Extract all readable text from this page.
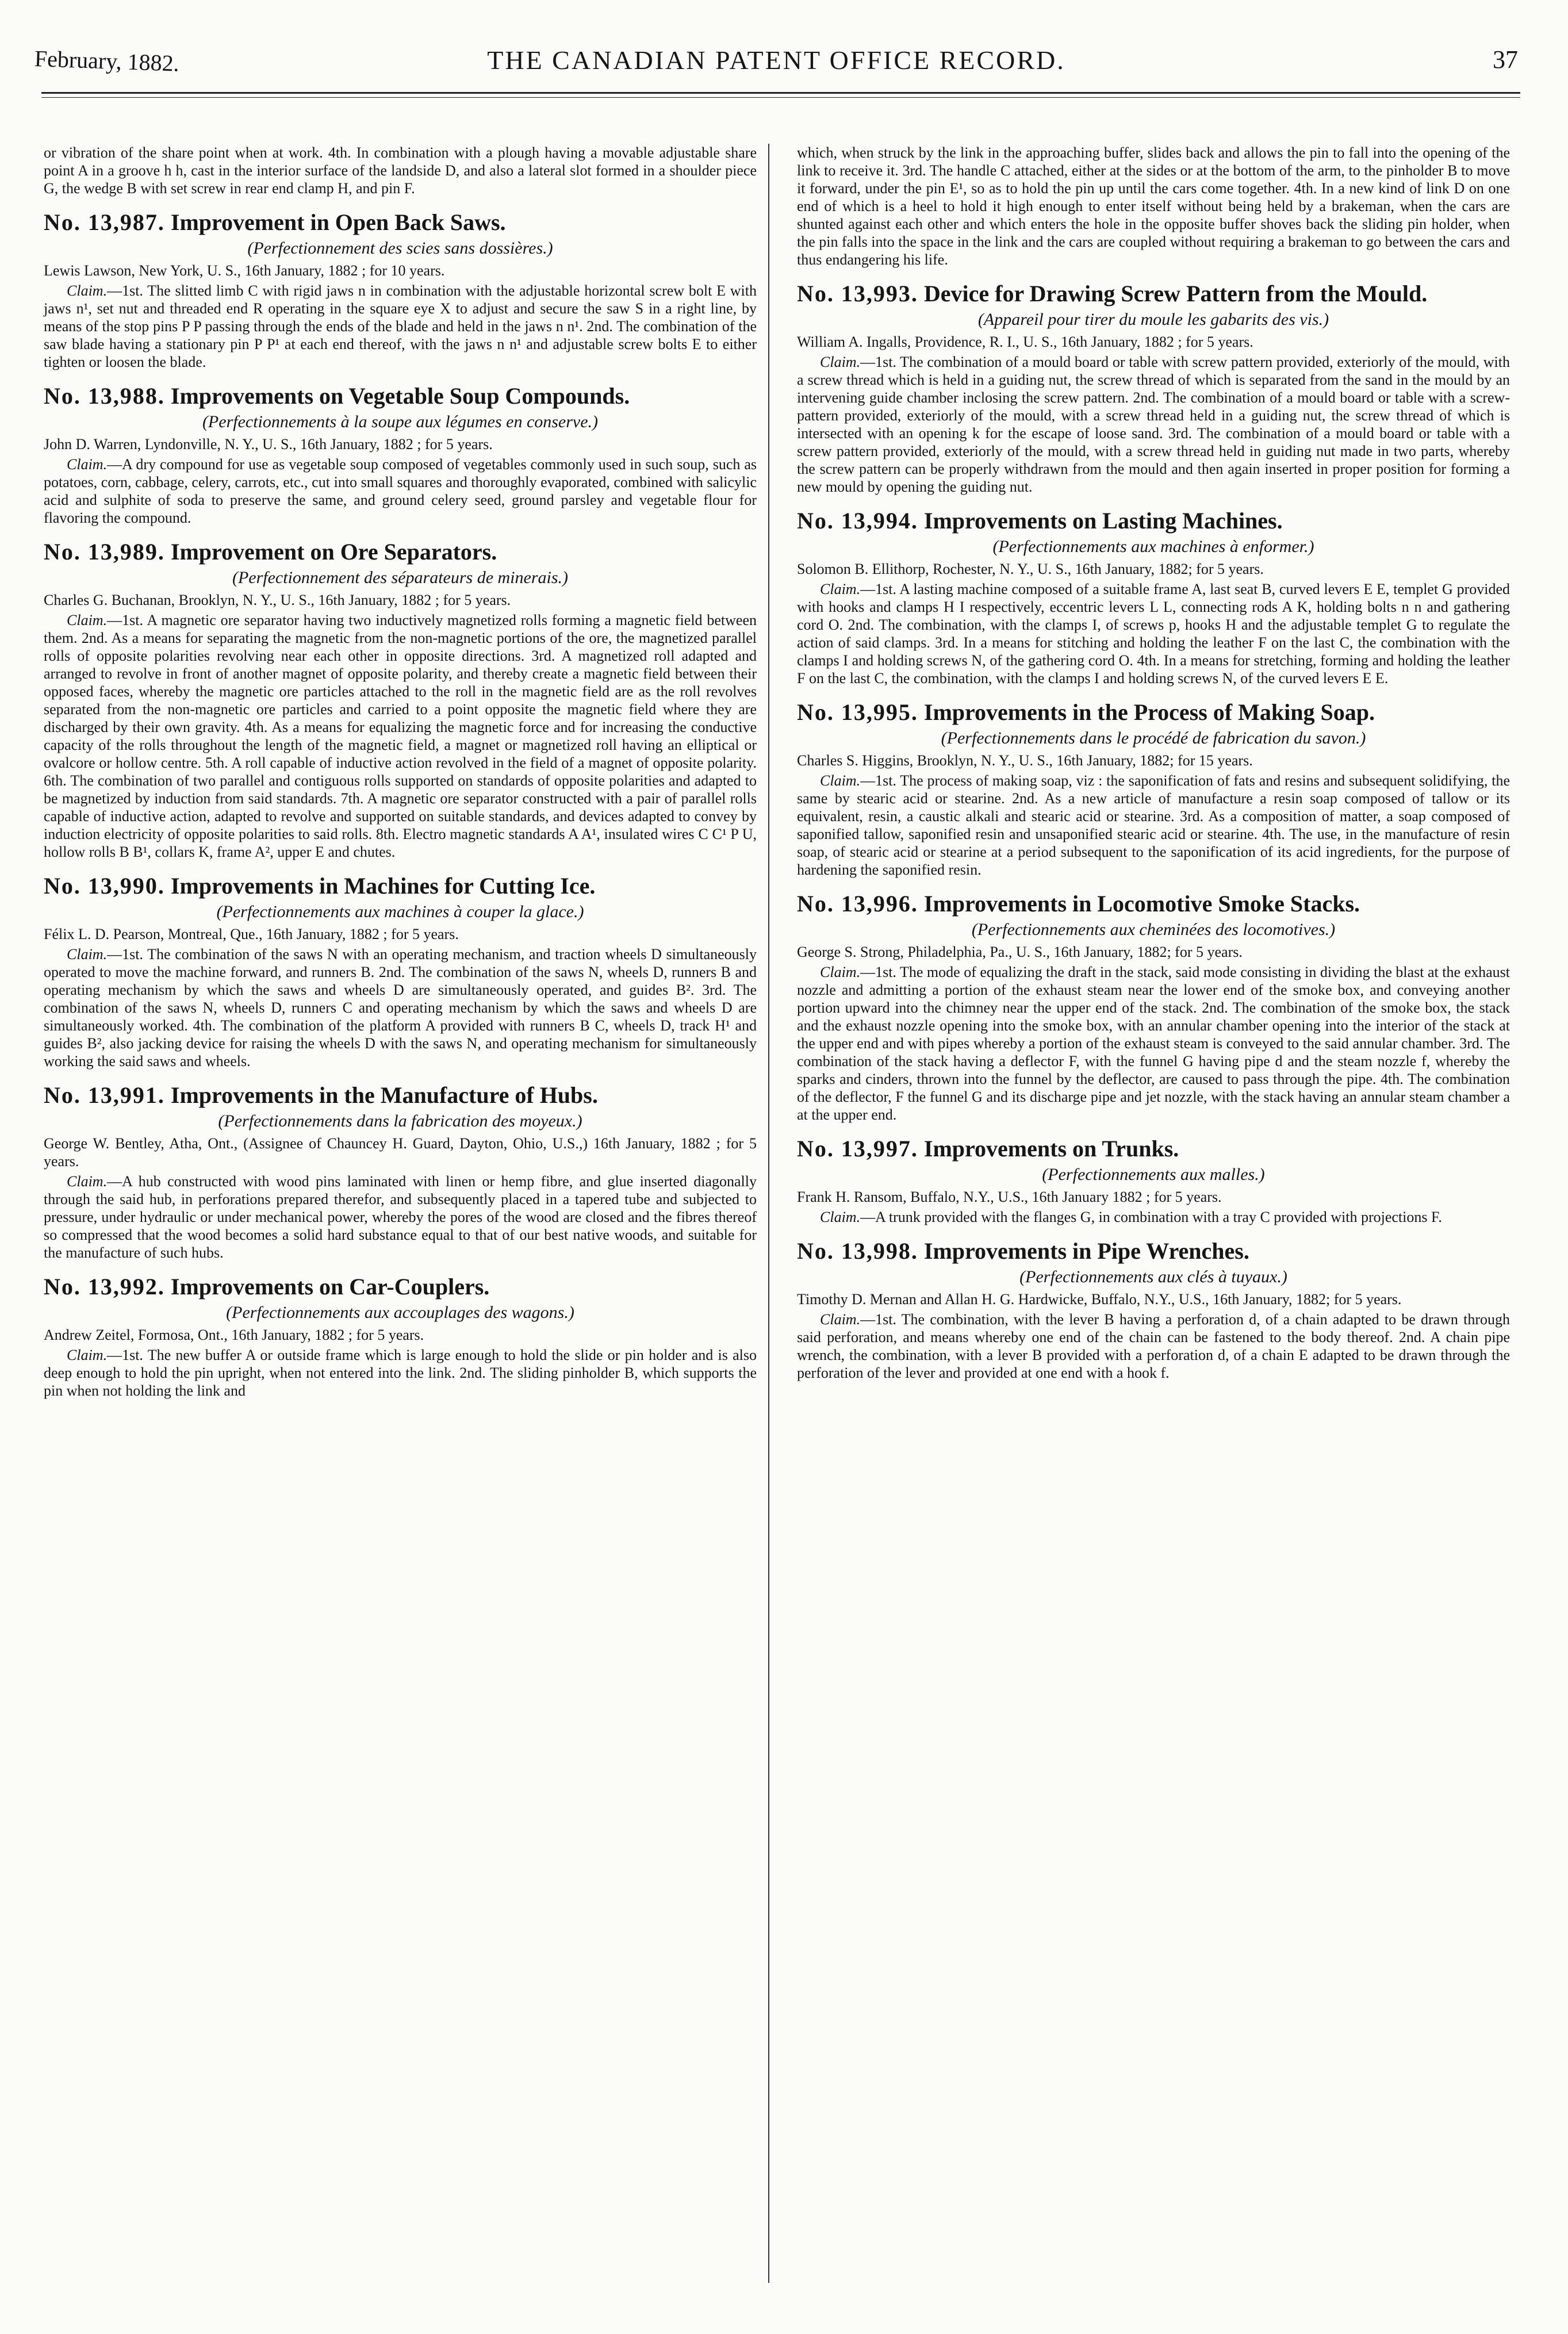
February, 1882.	THE CANADIAN PATENT OFFICE RECORD.	37

or vibration of the share point when at work. 4th. In combination with a plough having a movable adjustable share point A in a groove h h, cast in the interior surface of the landside D, and also a lateral slot formed in a shoulder piece G, the wedge B with set screw in rear end clamp H, and pin F.

No. 13,987. Improvement in Open Back Saws.
(Perfectionnement des scies sans dossières.)
Lewis Lawson, New York, U. S., 16th January, 1882 ; for 10 years.
Claim.—1st. The slitted limb C with rigid jaws n in combination with the adjustable horizontal screw bolt E with jaws n¹, set nut and threaded end R operating in the square eye X to adjust and secure the saw S in a right line, by means of the stop pins P P passing through the ends of the blade and held in the jaws n n¹. 2nd. The combination of the saw blade having a stationary pin P P¹ at each end thereof, with the jaws n n¹ and adjustable screw bolts E to either tighten or loosen the blade.
No. 13,988. Improvements on Vegetable Soup Compounds.
(Perfectionnements à la soupe aux légumes en conserve.)
John D. Warren, Lyndonville, N. Y., U. S., 16th January, 1882 ; for 5 years.
Claim.—A dry compound for use as vegetable soup composed of vegetables commonly used in such soup, such as potatoes, corn, cabbage, celery, carrots, etc., cut into small squares and thoroughly evaporated, combined with salicylic acid and sulphite of soda to preserve the same, and ground celery seed, ground parsley and vegetable flour for flavoring the compound.
No. 13,989. Improvement on Ore Separators.
(Perfectionnement des séparateurs de minerais.)
Charles G. Buchanan, Brooklyn, N. Y., U. S., 16th January, 1882 ; for 5 years.
Claim.—1st. A magnetic ore separator having two inductively magnetized rolls forming a magnetic field between them. 2nd. As a means for separating the magnetic from the non-magnetic portions of the ore, the magnetized parallel rolls of opposite polarities revolving near each other in opposite directions. 3rd. A magnetized roll adapted and arranged to revolve in front of another magnet of opposite polarity, and thereby create a magnetic field between their opposed faces, whereby the magnetic ore particles attached to the roll in the magnetic field are as the roll revolves separated from the non-magnetic ore particles and carried to a point opposite the magnetic field where they are discharged by their own gravity. 4th. As a means for equalizing the magnetic force and for increasing the conductive capacity of the rolls throughout the length of the magnetic field, a magnet or magnetized roll having an elliptical or ovalcore or hollow centre. 5th. A roll capable of inductive action revolved in the field of a magnet of opposite polarity. 6th. The combination of two parallel and contiguous rolls supported on standards of opposite polarities and adapted to be magnetized by induction from said standards. 7th. A magnetic ore separator constructed with a pair of parallel rolls capable of inductive action, adapted to revolve and supported on suitable standards, and devices adapted to convey by induction electricity of opposite polarities to said rolls. 8th. Electro magnetic standards A A¹, insulated wires C C¹ P U, hollow rolls B B¹, collars K, frame A², upper E and chutes.
No. 13,990. Improvements in Machines for Cutting Ice.
(Perfectionnements aux machines à couper la glace.)
Félix L. D. Pearson, Montreal, Que., 16th January, 1882 ; for 5 years.
Claim.—1st. The combination of the saws N with an operating mechanism, and traction wheels D simultaneously operated to move the machine forward, and runners B. 2nd. The combination of the saws N, wheels D, runners B and operating mechanism by which the saws and wheels D are simultaneously operated, and guides B². 3rd. The combination of the saws N, wheels D, runners C and operating mechanism by which the saws and wheels D are simultaneously worked. 4th. The combination of the platform A provided with runners B C, wheels D, track H¹ and guides B², also jacking device for raising the wheels D with the saws N, and operating mechanism for simultaneously working the said saws and wheels.
No. 13,991. Improvements in the Manufacture of Hubs.
(Perfectionnements dans la fabrication des moyeux.)
George W. Bentley, Atha, Ont., (Assignee of Chauncey H. Guard, Dayton, Ohio, U.S.,) 16th January, 1882 ; for 5 years.
Claim.—A hub constructed with wood pins laminated with linen or hemp fibre, and glue inserted diagonally through the said hub, in perforations prepared therefor, and subsequently placed in a tapered tube and subjected to pressure, under hydraulic or under mechanical power, whereby the pores of the wood are closed and the fibres thereof so compressed that the wood becomes a solid hard substance equal to that of our best native woods, and suitable for the manufacture of such hubs.
No. 13,992. Improvements on Car-Couplers.
(Perfectionnements aux accouplages des wagons.)
Andrew Zeitel, Formosa, Ont., 16th January, 1882 ; for 5 years.
Claim.—1st. The new buffer A or outside frame which is large enough to hold the slide or pin holder and is also deep enough to hold the pin upright, when not entered into the link. 2nd. The sliding pinholder B, which supports the pin when not holding the link and

which, when struck by the link in the approaching buffer, slides back and allows the pin to fall into the opening of the link to receive it. 3rd. The handle C attached, either at the sides or at the bottom of the arm, to the pinholder B to move it forward, under the pin E¹, so as to hold the pin up until the cars come together. 4th. In a new kind of link D on one end of which is a heel to hold it high enough to enter itself without being held by a brakeman, when the cars are shunted against each other and which enters the hole in the opposite buffer shoves back the sliding pin holder, when the pin falls into the space in the link and the cars are coupled without requiring a brakeman to go between the cars and thus endangering his life.

No. 13,993. Device for Drawing Screw Pattern from the Mould.
(Appareil pour tirer du moule les gabarits des vis.)
William A. Ingalls, Providence, R. I., U. S., 16th January, 1882 ; for 5 years.
Claim.—1st. The combination of a mould board or table with screw pattern provided, exteriorly of the mould, with a screw thread which is held in a guiding nut, the screw thread of which is separated from the sand in the mould by an intervening guide chamber inclosing the screw pattern. 2nd. The combination of a mould board or table with a screw-pattern provided, exteriorly of the mould, with a screw thread held in a guiding nut, the screw thread of which is intersected with an opening k for the escape of loose sand. 3rd. The combination of a mould board or table with a screw pattern provided, exteriorly of the mould, with a screw thread held in guiding nut made in two parts, whereby the screw pattern can be properly withdrawn from the mould and then again inserted in proper position for forming a new mould by opening the guiding nut.
No. 13,994. Improvements on Lasting Machines.
(Perfectionnements aux machines à enformer.)
Solomon B. Ellithorp, Rochester, N. Y., U. S., 16th January, 1882; for 5 years.
Claim.—1st. A lasting machine composed of a suitable frame A, last seat B, curved levers E E, templet G provided with hooks and clamps H I respectively, eccentric levers L L, connecting rods A K, holding bolts n n and gathering cord O. 2nd. The combination, with the clamps I, of screws p, hooks H and the adjustable templet G to regulate the action of said clamps. 3rd. In a means for stitching and holding the leather F on the last C, the combination with the clamps I and holding screws N, of the gathering cord O. 4th. In a means for stretching, forming and holding the leather F on the last C, the combination, with the clamps I and holding screws N, of the curved levers E E.
No. 13,995. Improvements in the Process of Making Soap.
(Perfectionnements dans le procédé de fabrication du savon.)
Charles S. Higgins, Brooklyn, N. Y., U. S., 16th January, 1882; for 15 years.
Claim.—1st. The process of making soap, viz : the saponification of fats and resins and subsequent solidifying, the same by stearic acid or stearine. 2nd. As a new article of manufacture a resin soap composed of tallow or its equivalent, resin, a caustic alkali and stearic acid or stearine. 3rd. As a composition of matter, a soap composed of saponified tallow, saponified resin and unsaponified stearic acid or stearine. 4th. The use, in the manufacture of resin soap, of stearic acid or stearine at a period subsequent to the saponification of its acid ingredients, for the purpose of hardening the saponified resin.
No. 13,996. Improvements in Locomotive Smoke Stacks.
(Perfectionnements aux cheminées des locomotives.)
George S. Strong, Philadelphia, Pa., U. S., 16th January, 1882; for 5 years.
Claim.—1st. The mode of equalizing the draft in the stack, said mode consisting in dividing the blast at the exhaust nozzle and admitting a portion of the exhaust steam near the lower end of the smoke box, and conveying another portion upward into the chimney near the upper end of the stack. 2nd. The combination of the smoke box, the stack and the exhaust nozzle opening into the smoke box, with an annular chamber opening into the interior of the stack at the upper end and with pipes whereby a portion of the exhaust steam is conveyed to the said annular chamber. 3rd. The combination of the stack having a deflector F, with the funnel G having pipe d and the steam nozzle f, whereby the sparks and cinders, thrown into the funnel by the deflector, are caused to pass through the pipe. 4th. The combination of the deflector, F the funnel G and its discharge pipe and jet nozzle, with the stack having an annular steam chamber a at the upper end.
No. 13,997. Improvements on Trunks.
(Perfectionnements aux malles.)
Frank H. Ransom, Buffalo, N.Y., U.S., 16th January 1882 ; for 5 years.
Claim.—A trunk provided with the flanges G, in combination with a tray C provided with projections F.
No. 13,998. Improvements in Pipe Wrenches.
(Perfectionnements aux clés à tuyaux.)
Timothy D. Mernan and Allan H. G. Hardwicke, Buffalo, N.Y., U.S., 16th January, 1882; for 5 years.
Claim.—1st. The combination, with the lever B having a perforation d, of a chain adapted to be drawn through said perforation, and means whereby one end of the chain can be fastened to the body thereof. 2nd. A chain pipe wrench, the combination, with a lever B provided with a perforation d, of a chain E adapted to be drawn through the perforation of the lever and provided at one end with a hook f.
